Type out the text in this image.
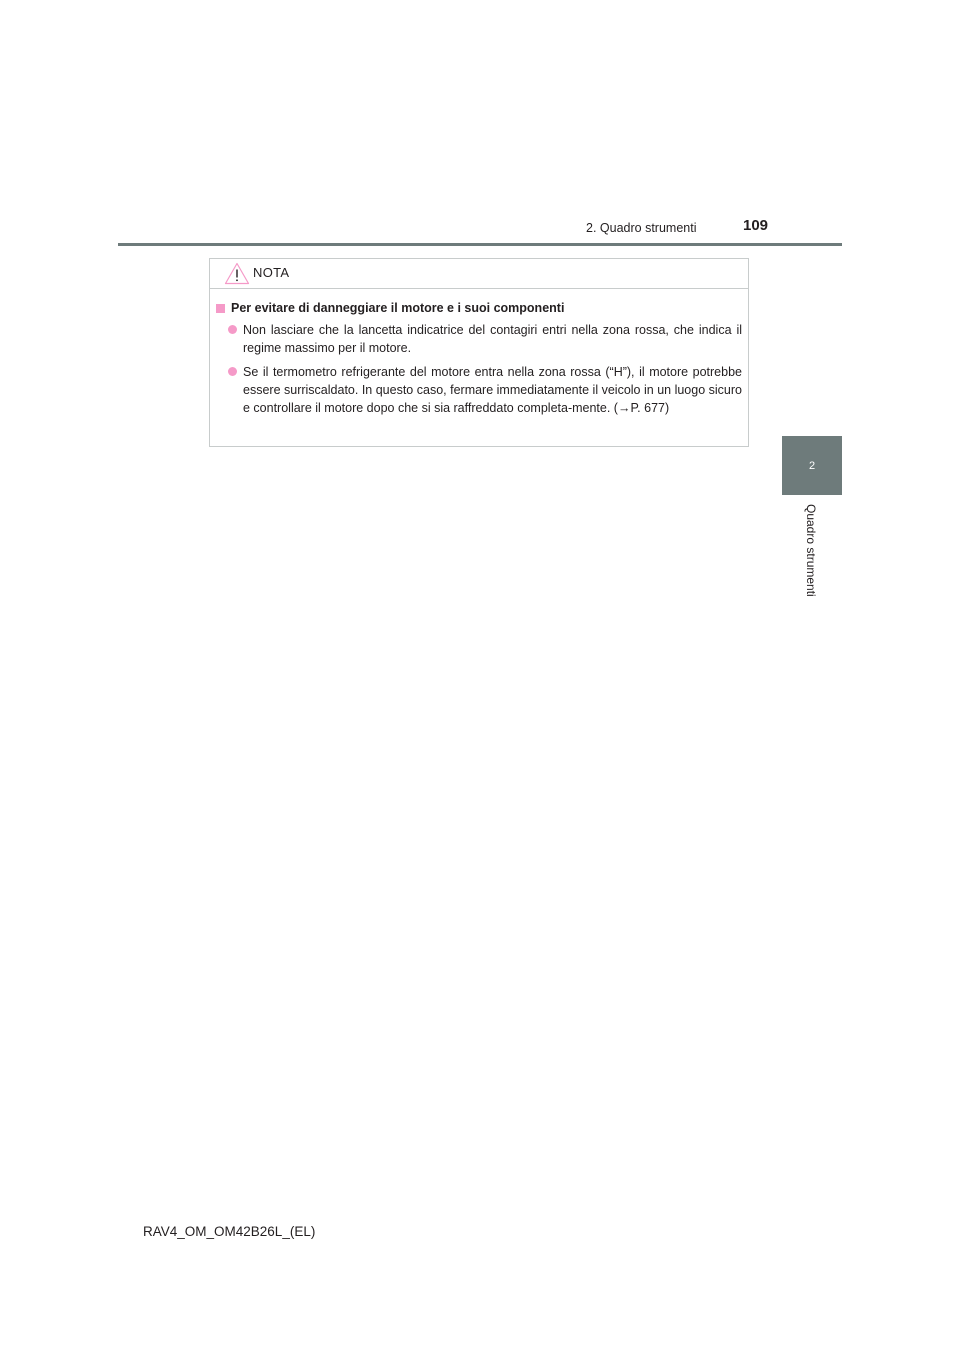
2. Quadro strumenti	109
2
Quadro strumenti
NOTA
Per evitare di danneggiare il motore e i suoi componenti
Non lasciare che la lancetta indicatrice del contagiri entri nella zona rossa, che indica il regime massimo per il motore.
Se il termometro refrigerante del motore entra nella zona rossa (“H”), il motore potrebbe essere surriscaldato. In questo caso, fermare immediatamente il veicolo in un luogo sicuro e controllare il motore dopo che si sia raffreddato completa-mente. (→P. 677)
RAV4_OM_OM42B26L_(EL)
